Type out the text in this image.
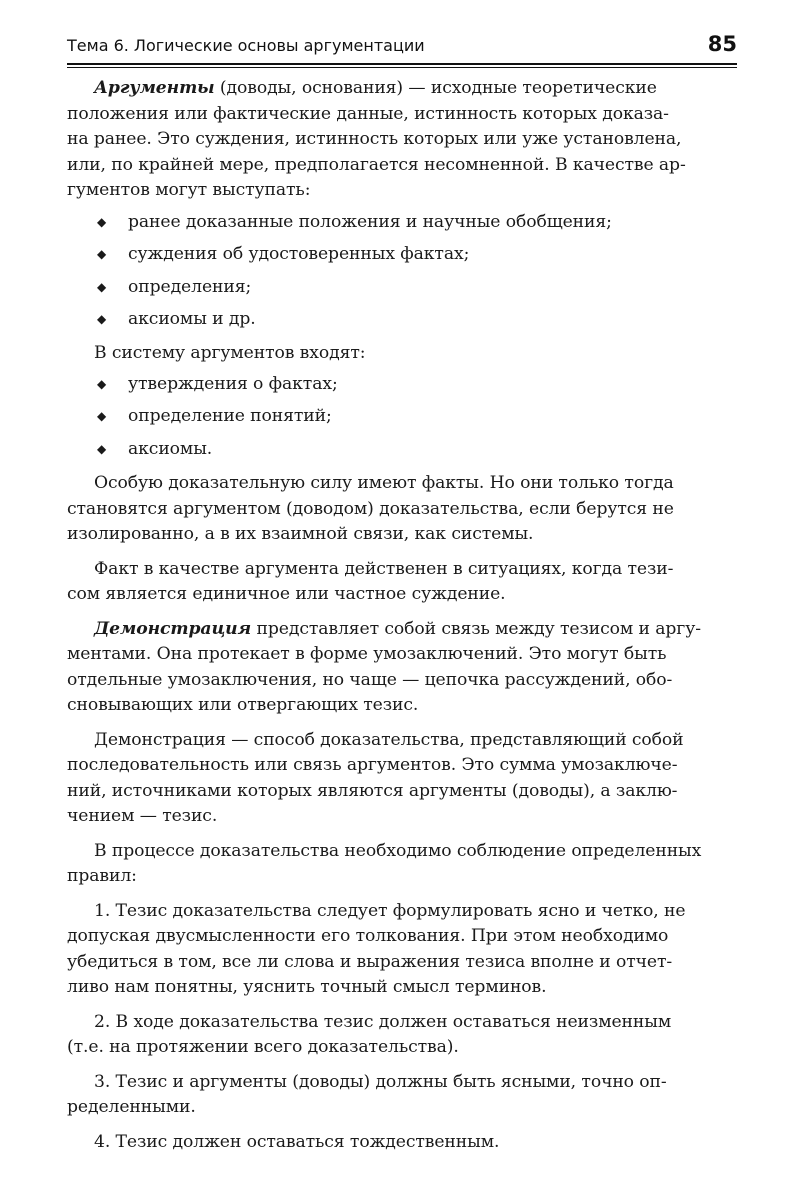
Тема 6. Логические основы аргументации	85

Аргументы (доводы, основания) — исходные теоретические
положения или фактические данные, истинность которых доказа-
на ранее. Это суждения, истинность которых или уже установлена,
или, по крайней мере, предполагается несомненной. В качестве ар-
гументов могут выступать:

◆ ранее доказанные положения и научные обобщения;
◆ суждения об удостоверенных фактах;
◆ определения;
◆ аксиомы и др.

В систему аргументов входят:

◆ утверждения о фактах;
◆ определение понятий;
◆ аксиомы.

Особую доказательную силу имеют факты. Но они только тогда
становятся аргументом (доводом) доказательства, если берутся не
изолированно, а в их взаимной связи, как системы.

Факт в качестве аргумента действенен в ситуациях, когда тези-
сом является единичное или частное суждение.

Демонстрация представляет собой связь между тезисом и аргу-
ментами. Она протекает в форме умозаключений. Это могут быть
отдельные умозаключения, но чаще — цепочка рассуждений, обо-
сновывающих или отвергающих тезис.

Демонстрация — способ доказательства, представляющий собой
последовательность или связь аргументов. Это сумма умозаключе-
ний, источниками которых являются аргументы (доводы), а заклю-
чением — тезис.

В процессе доказательства необходимо соблюдение определенных
правил:

1. Тезис доказательства следует формулировать ясно и четко, не
допуская двусмысленности его толкования. При этом необходимо
убедиться в том, все ли слова и выражения тезиса вполне и отчет-
ливо нам понятны, уяснить точный смысл терминов.

2. В ходе доказательства тезис должен оставаться неизменным
(т.е. на протяжении всего доказательства).

3. Тезис и аргументы (доводы) должны быть ясными, точно оп-
ределенными.

4. Тезис должен оставаться тождественным.
